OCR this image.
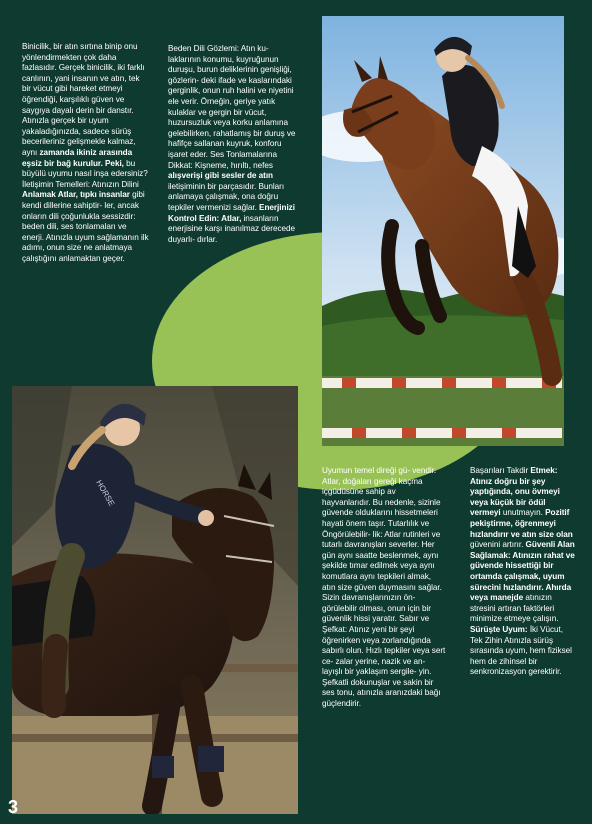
Binicilik, bir atın sırtına binip onu yönlendirmekten çok daha fazlasıdır. Gerçek binicilik, iki farklı canlının, yani insanın ve atın, tek bir vücut gibi hareket etmeyi öğrendiği, karşılıklı güven ve saygıya dayalı derin bir danstır. Atınızla gerçek bir uyum yakaladığınızda, sadece sürüş becerileriniz gelişmekle kalmaz, aynı zamanda ikiniz arasında eşsiz bir bağ kurulur. Peki, bu büyülü uyumu nasıl inşa edersiniz? İletişimin Temelleri: Atınızın Dilini Anlamak Atlar, tıpkı insanlar gibi kendi dillerine sahiptir- ler, ancak onların dili çoğunlukla sessizdir: beden dili, ses tonlamaları ve enerji. Atınızla uyum sağlamanın ilk adımı, onun size ne anlatmaya çalıştığını anlamaktan geçer.

Beden Dili Gözlemi: Atın ku- laklarının konumu, kuyruğunun duruşu, burun deliklerinin genişliği, gözlerin- deki ifade ve kaslarındaki gerginlik, onun ruh halini ve niyetini ele verir. Örneğin, geriye yatık kulaklar ve gergin bir vücut, huzursuzluk veya korku anlamına gelebilirken, rahatlamış bir duruş ve hafifçe sallanan kuyruk, konforu işaret eder. Ses Tonlamalarına Dikkat: Kişneme, hırıltı, nefes alışverişi gibi sesler de atın iletişiminin bir parçasıdır. Bunları anlamaya çalışmak, ona doğru tepkiler vermenizi sağlar. Enerjinizi Kontrol Edin: Atlar, insanların enerjisine karşı inanılmaz derecede duyarlı- dırlar.

HORSE

Uyumun temel direği gü- vendir. Atlar, doğaları gereği kaçma içgüdüsüne sahip av hayvanlarıdır. Bu nedenle, sizinle güvende olduklarını hissetmeleri hayati önem taşır. Tutarlılık ve Öngörülebilir- lik: Atlar rutinleri ve tutarlı davranışları severler. Her gün aynı saatte beslenmek, aynı şekilde tımar edilmek veya aynı komutlara aynı tepkileri almak, atın size güven duymasını sağlar. Sizin davranışlarınızın ön- görülebilir olması, onun için bir güvenlik hissi yaratır. Sabır ve Şefkat: Atınız yeni bir şeyi öğrenirken veya zorlandığında sabırlı olun. Hızlı tepkiler veya sert ce- zalar yerine, nazik ve an- layışlı bir yaklaşım sergile- yin. Şefkatli dokunuşlar ve sakin bir ses tonu, atınızla aranızdaki bağı güçlendirir.

Başarıları Takdir Etmek: Atınız doğru bir şey yaptığında, onu övmeyi veya küçük bir ödül vermeyi unutmayın. Pozitif pekiştirme, öğrenmeyi hızlandırır ve atın size olan güvenini artırır. Güvenli Alan Sağlamak: Atınızın rahat ve güvende hissettiği bir ortamda çalışmak, uyum sürecini hızlandırır. Ahırda veya manejde atınızın stresini artıran faktörleri minimize etmeye çalışın. Sürüşte Uyum: İki Vücut, Tek Zihin Atınızla sürüş sırasında uyum, hem fiziksel hem de zihinsel bir senkronizasyon gerektirir.

3
